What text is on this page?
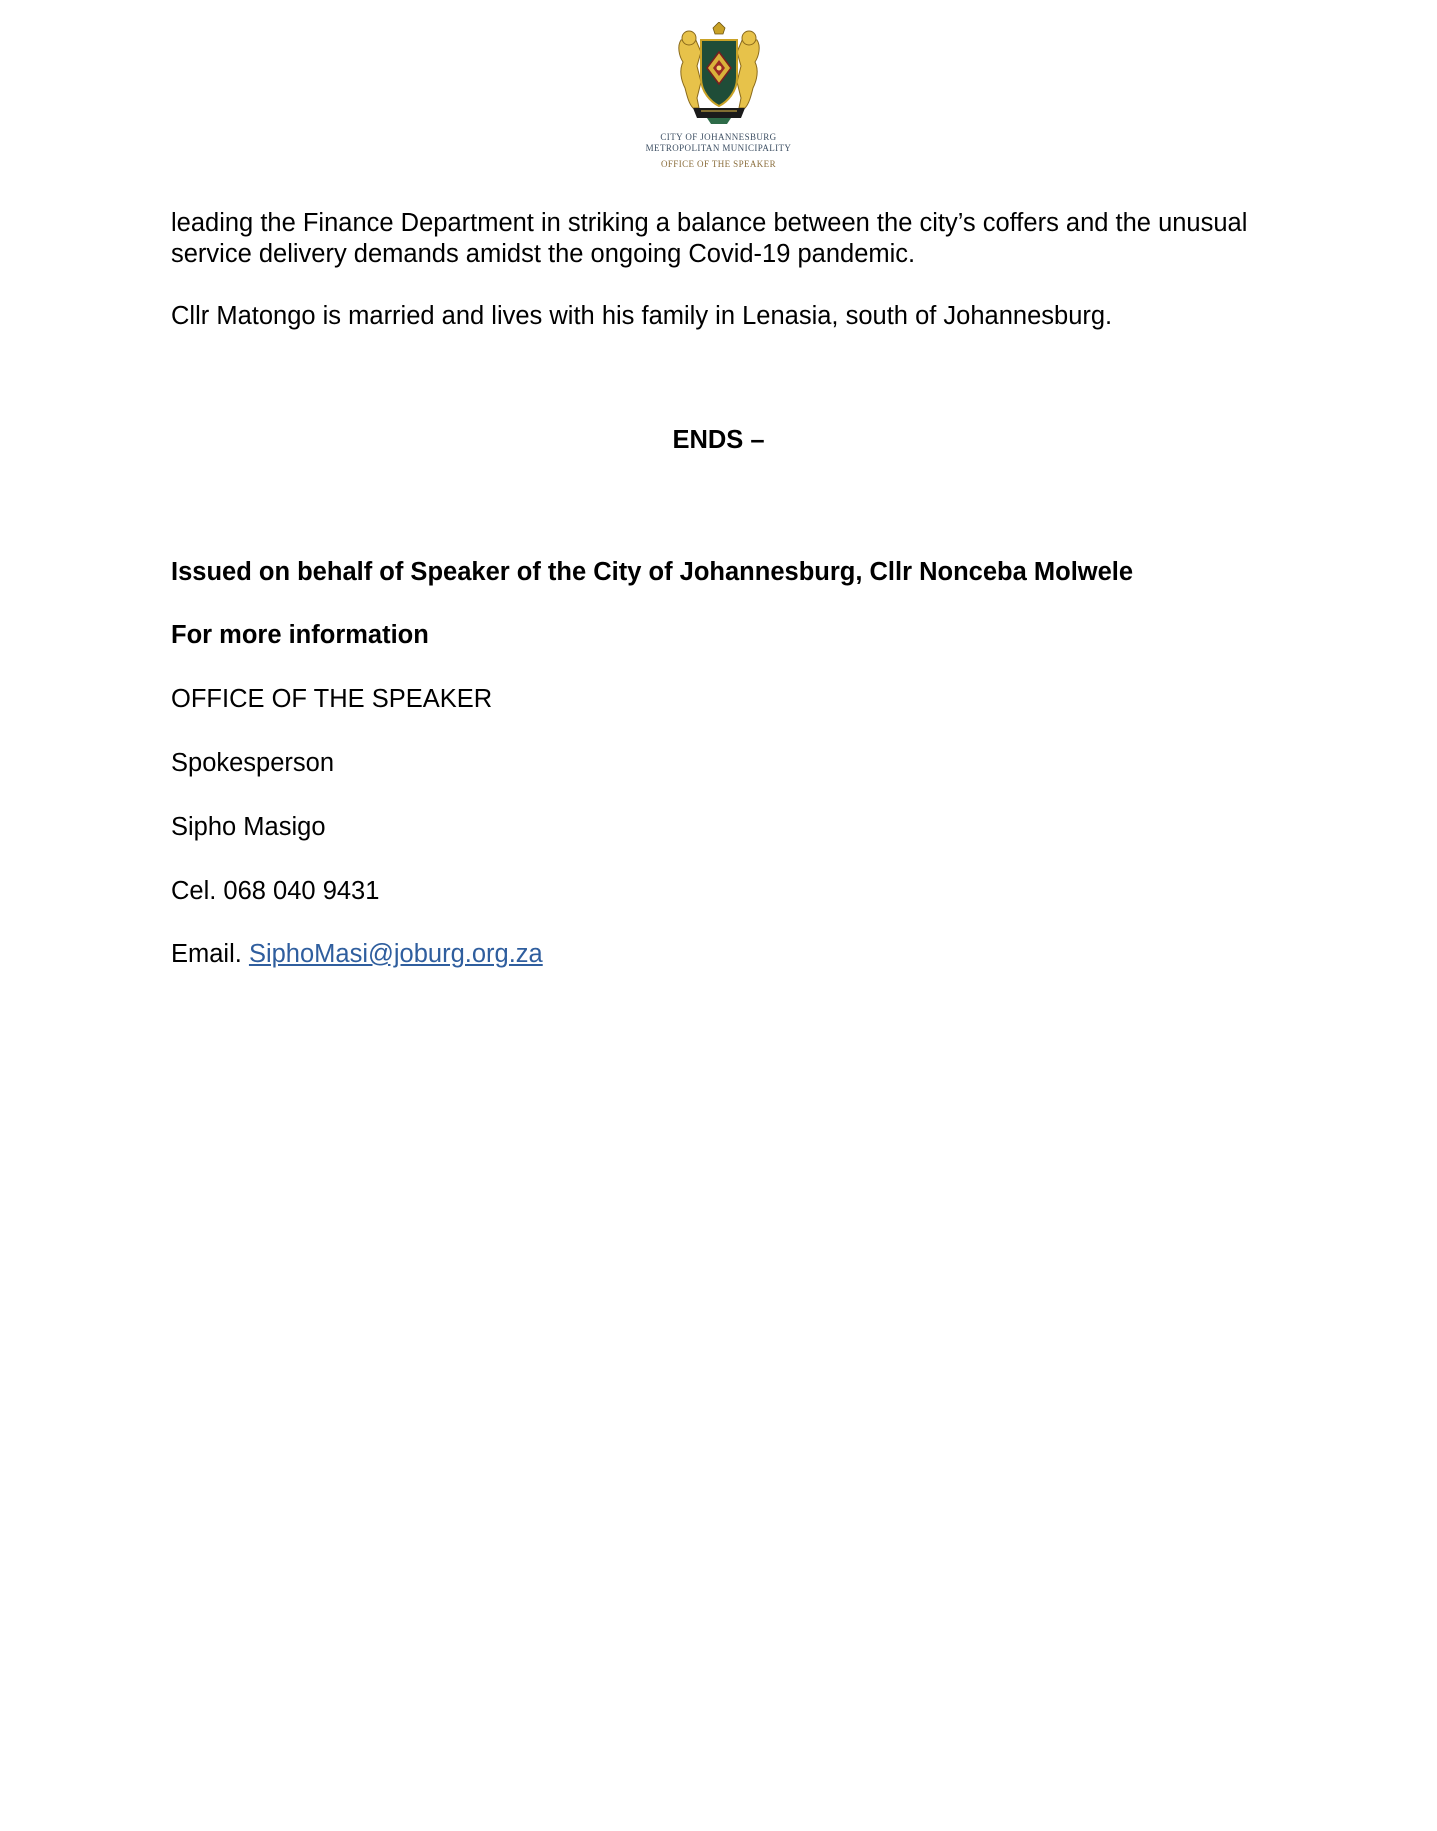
CITY OF JOHANNESBURG
METROPOLITAN MUNICIPALITY
OFFICE OF THE SPEAKER

leading the Finance Department in striking a balance between the city’s coffers and the unusual
service delivery demands amidst the ongoing Covid-19 pandemic.

Cllr Matongo is married and lives with his family in Lenasia, south of Johannesburg.

ENDS –
Issued on behalf of Speaker of the City of Johannesburg, Cllr Nonceba Molwele
For more information
OFFICE OF THE SPEAKER
Spokesperson
Sipho Masigo
Cel. 068 040 9431
Email. SiphoMasi@joburg.org.za
